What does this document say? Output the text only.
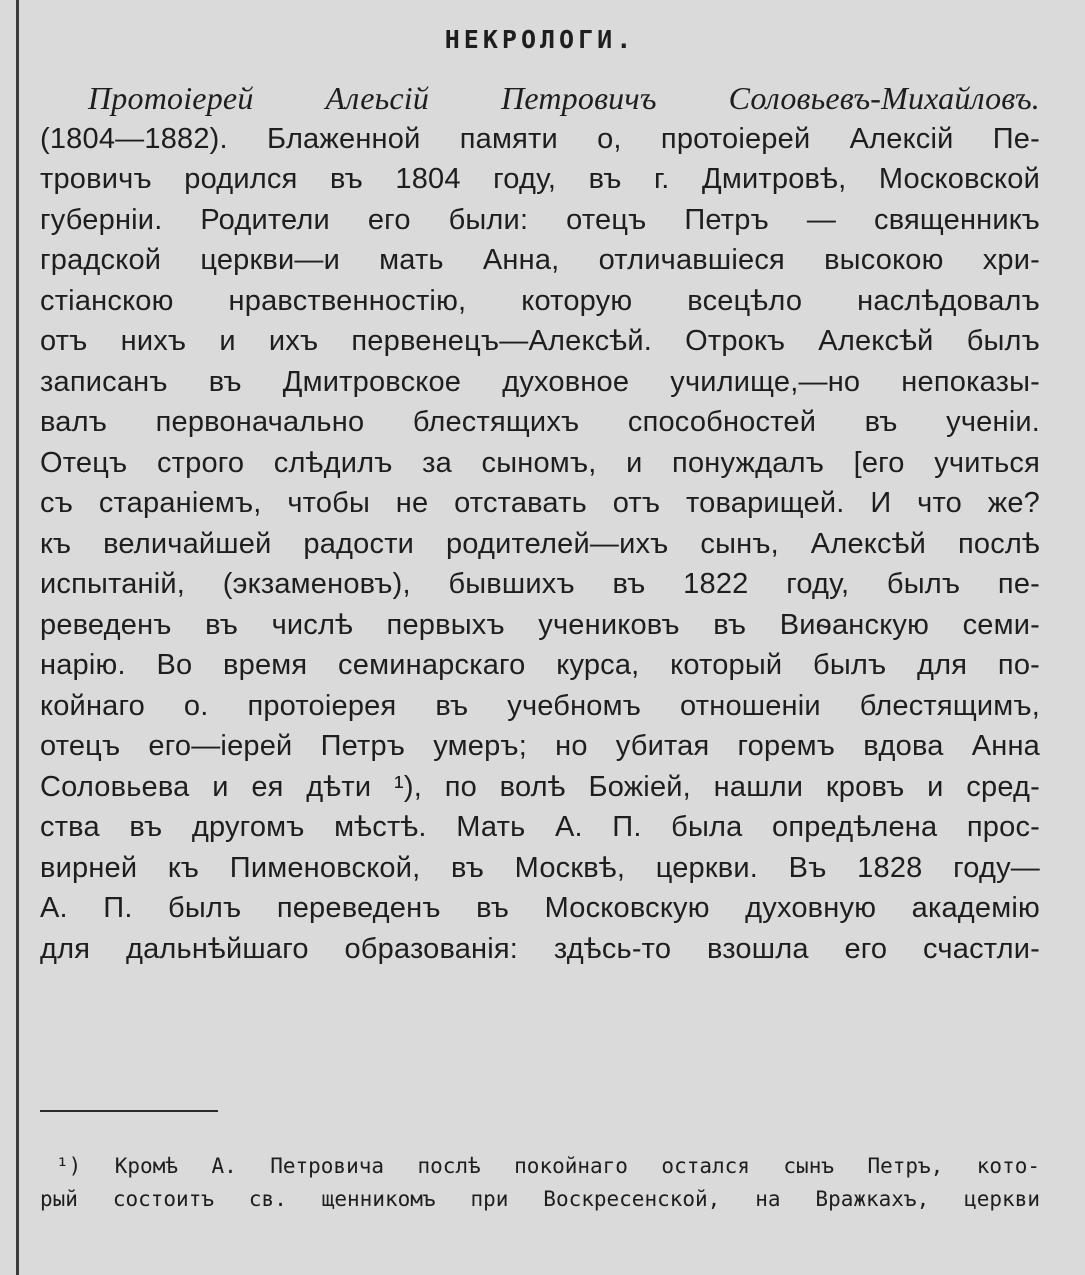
НЕКРОЛОГИ.
Протоіерей Алеьсій Петровичъ Соловьевъ-Михайловъ.
(1804—1882). Блаженной памяти о, протоіерей Алексій Пе-
тровичъ родился въ 1804 году, въ г. Дмитровѣ, Московской
губерніи. Родители его были: отецъ Петръ — священникъ
градской церкви—и мать Анна, отличавшіеся высокою хри-
стіанскою нравственностію, которую всецѣло наслѣдовалъ
отъ нихъ и ихъ первенецъ—Алексѣй. Отрокъ Алексѣй былъ
записанъ въ Дмитровское духовное училище,—но непоказы-
валъ первоначально блестящихъ способностей въ ученіи.
Отецъ строго слѣдилъ за сыномъ, и понуждалъ [его учиться
съ стараніемъ, чтобы не отставать отъ товарищей. И что же?
къ величайшей радости родителей—ихъ сынъ, Алексѣй послѣ
испытаній, (экзаменовъ), бывшихъ въ 1822 году, былъ пе-
реведенъ въ числѣ первыхъ учениковъ въ Виѳанскую семи-
нарію. Во время семинарскаго курса, который былъ для по-
койнаго о. протоіерея въ учебномъ отношеніи блестящимъ,
отецъ его—іерей Петръ умеръ; но убитая горемъ вдова Анна
Соловьева и ея дѣти ¹), по волѣ Божіей, нашли кровъ и сред-
ства въ другомъ мѣстѣ. Мать А. П. была опредѣлена прос-
вирней къ Пименовской, въ Москвѣ, церкви. Въ 1828 году—
А. П. былъ переведенъ въ Московскую духовную академію
для дальнѣйшаго образованія: здѣсь-то взошла его счастли-
¹) Кромѣ А. Петровича послѣ покойнаго остался сынъ Петръ, кото-
рый состоитъ св. щенникомъ при Воскресенской, на Вражкахъ, церкви
